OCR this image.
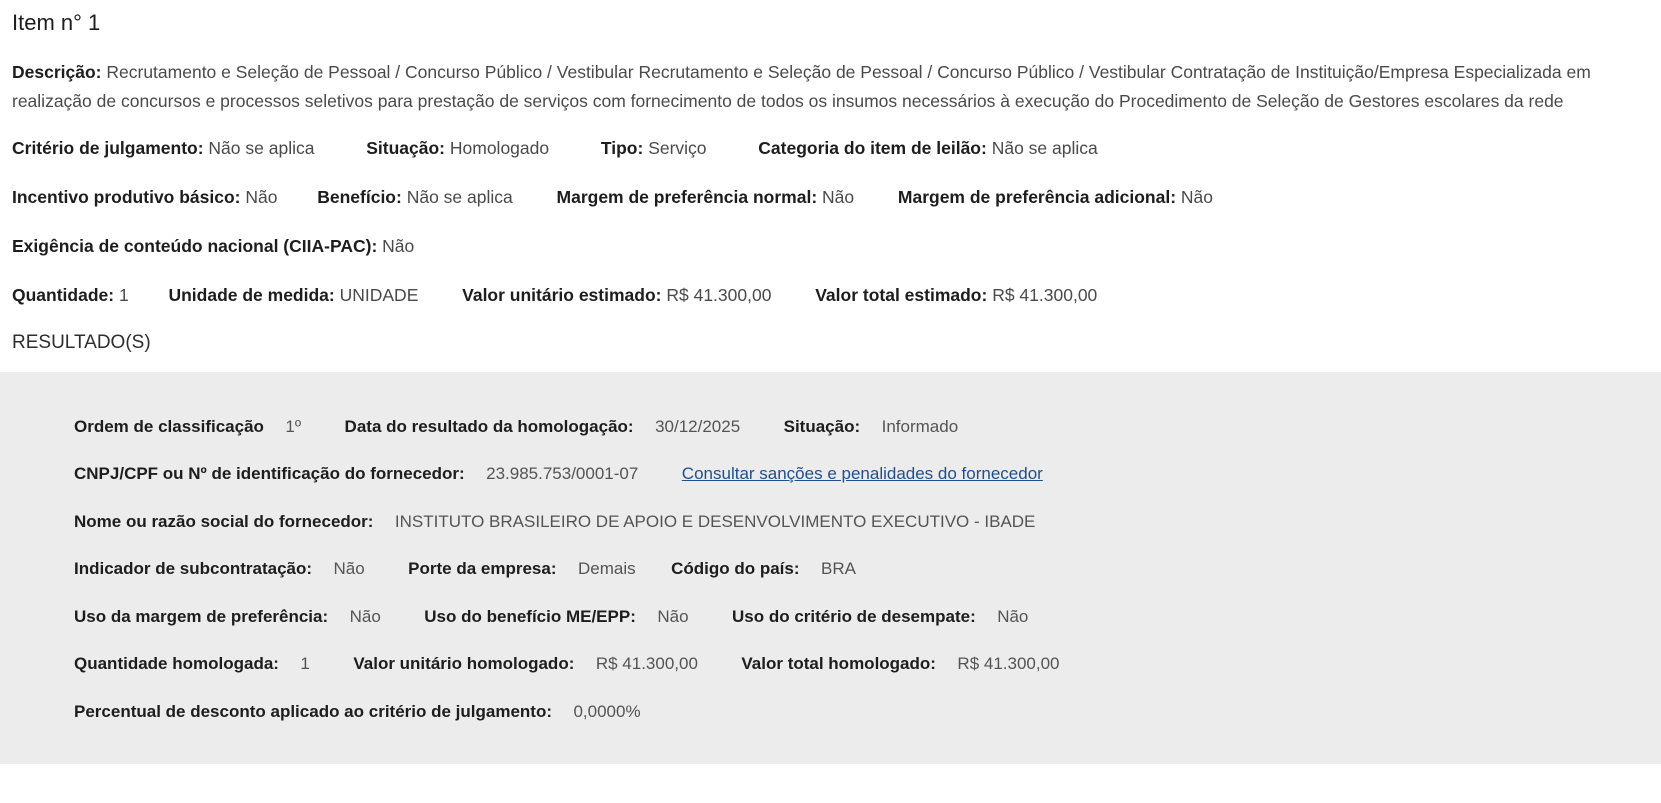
Item n° 1

Descrição: Recrutamento e Seleção de Pessoal / Concurso Público / Vestibular Recrutamento e Seleção de Pessoal / Concurso Público / Vestibular Contratação de Instituição/Empresa Especializada em realização de concursos e processos seletivos para prestação de serviços com fornecimento de todos os insumos necessários à execução do Procedimento de Seleção de Gestores escolares da rede

Critério de julgamento: Não se aplica	Situação: Homologado	Tipo: Serviço	Categoria do item de leilão: Não se aplica
Incentivo produtivo básico: Não Benefício: Não se aplica	Margem de preferência normal: Não	Margem de preferência adicional: Não
Exigência de conteúdo nacional (CIIA-PAC): Não
Quantidade: 1 Unidade de medida: UNIDADE	Valor unitário estimado: R$ 41.300,00	Valor total estimado: R$ 41.300,00
RESULTADO(S)
Ordem de classificação 1º	Data do resultado da homologação: 30/12/2025	Situação: Informado
CNPJ/CPF ou Nº de identificação do fornecedor: 23.985.753/0001-07	Consultar sanções e penalidades do fornecedor
Nome ou razão social do fornecedor: INSTITUTO BRASILEIRO DE APOIO E DESENVOLVIMENTO EXECUTIVO - IBADE
Indicador de subcontratação: Não	Porte da empresa: Demais Código do país: BRA
Uso da margem de preferência: Não	Uso do benefício ME/EPP: Não	Uso do critério de desempate: Não
Quantidade homologada: 1	Valor unitário homologado: R$ 41.300,00	Valor total homologado: R$ 41.300,00
Percentual de desconto aplicado ao critério de julgamento: 0,0000%
